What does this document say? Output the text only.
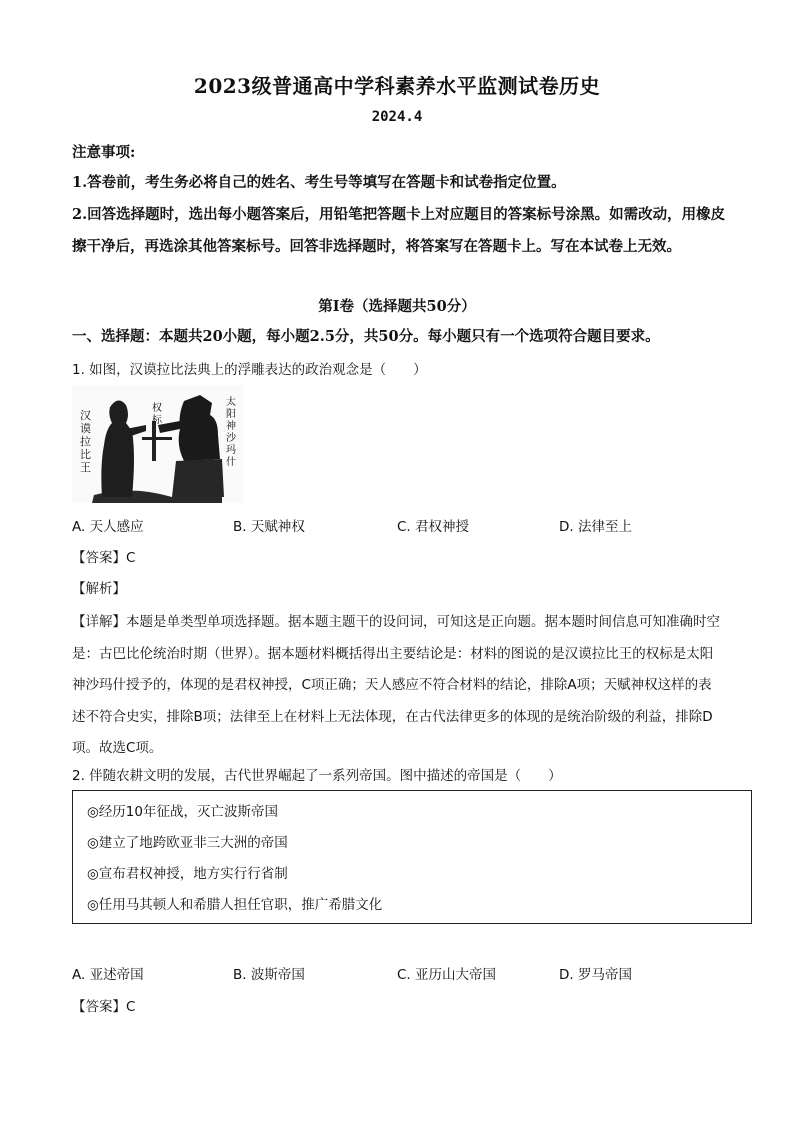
2023级普通高中学科素养水平监测试卷历史
2024.4
注意事项:
1.答卷前，考生务必将自己的姓名、考生号等填写在答题卡和试卷指定位置。
2.回答选择题时，选出每小题答案后，用铅笔把答题卡上对应题目的答案标号涂黑。如需改动，用橡皮擦干净后，再选涂其他答案标号。回答非选择题时，将答案写在答题卡上。写在本试卷上无效。
第Ⅰ卷（选择题共50分）
一、选择题：本题共20小题，每小题2.5分，共50分。每小题只有一个选项符合题目要求。
1. 如图，汉谟拉比法典上的浮雕表达的政治观念是（　　）
汉谟拉比王
权标
太阳神沙玛什
A. 天人感应	B. 天赋神权	C. 君权神授	D. 法律至上
【答案】C
【解析】
【详解】本题是单类型单项选择题。据本题主题干的设问词，可知这是正向题。据本题时间信息可知准确时空是：古巴比伦统治时期（世界）。据本题材料概括得出主要结论是：材料的图说的是汉谟拉比王的权标是太阳神沙玛什授予的，体现的是君权神授，C项正确；天人感应不符合材料的结论，排除A项；天赋神权这样的表述不符合史实，排除B项；法律至上在材料上无法体现，在古代法律更多的体现的是统治阶级的利益，排除D项。故选C项。
2. 伴随农耕文明的发展，古代世界崛起了一系列帝国。图中描述的帝国是（　　）
◎经历10年征战，灭亡波斯帝国
◎建立了地跨欧亚非三大洲的帝国
◎宣布君权神授，地方实行行省制
◎任用马其顿人和希腊人担任官职，推广希腊文化
A. 亚述帝国	B. 波斯帝国	C. 亚历山大帝国	D. 罗马帝国
【答案】C
